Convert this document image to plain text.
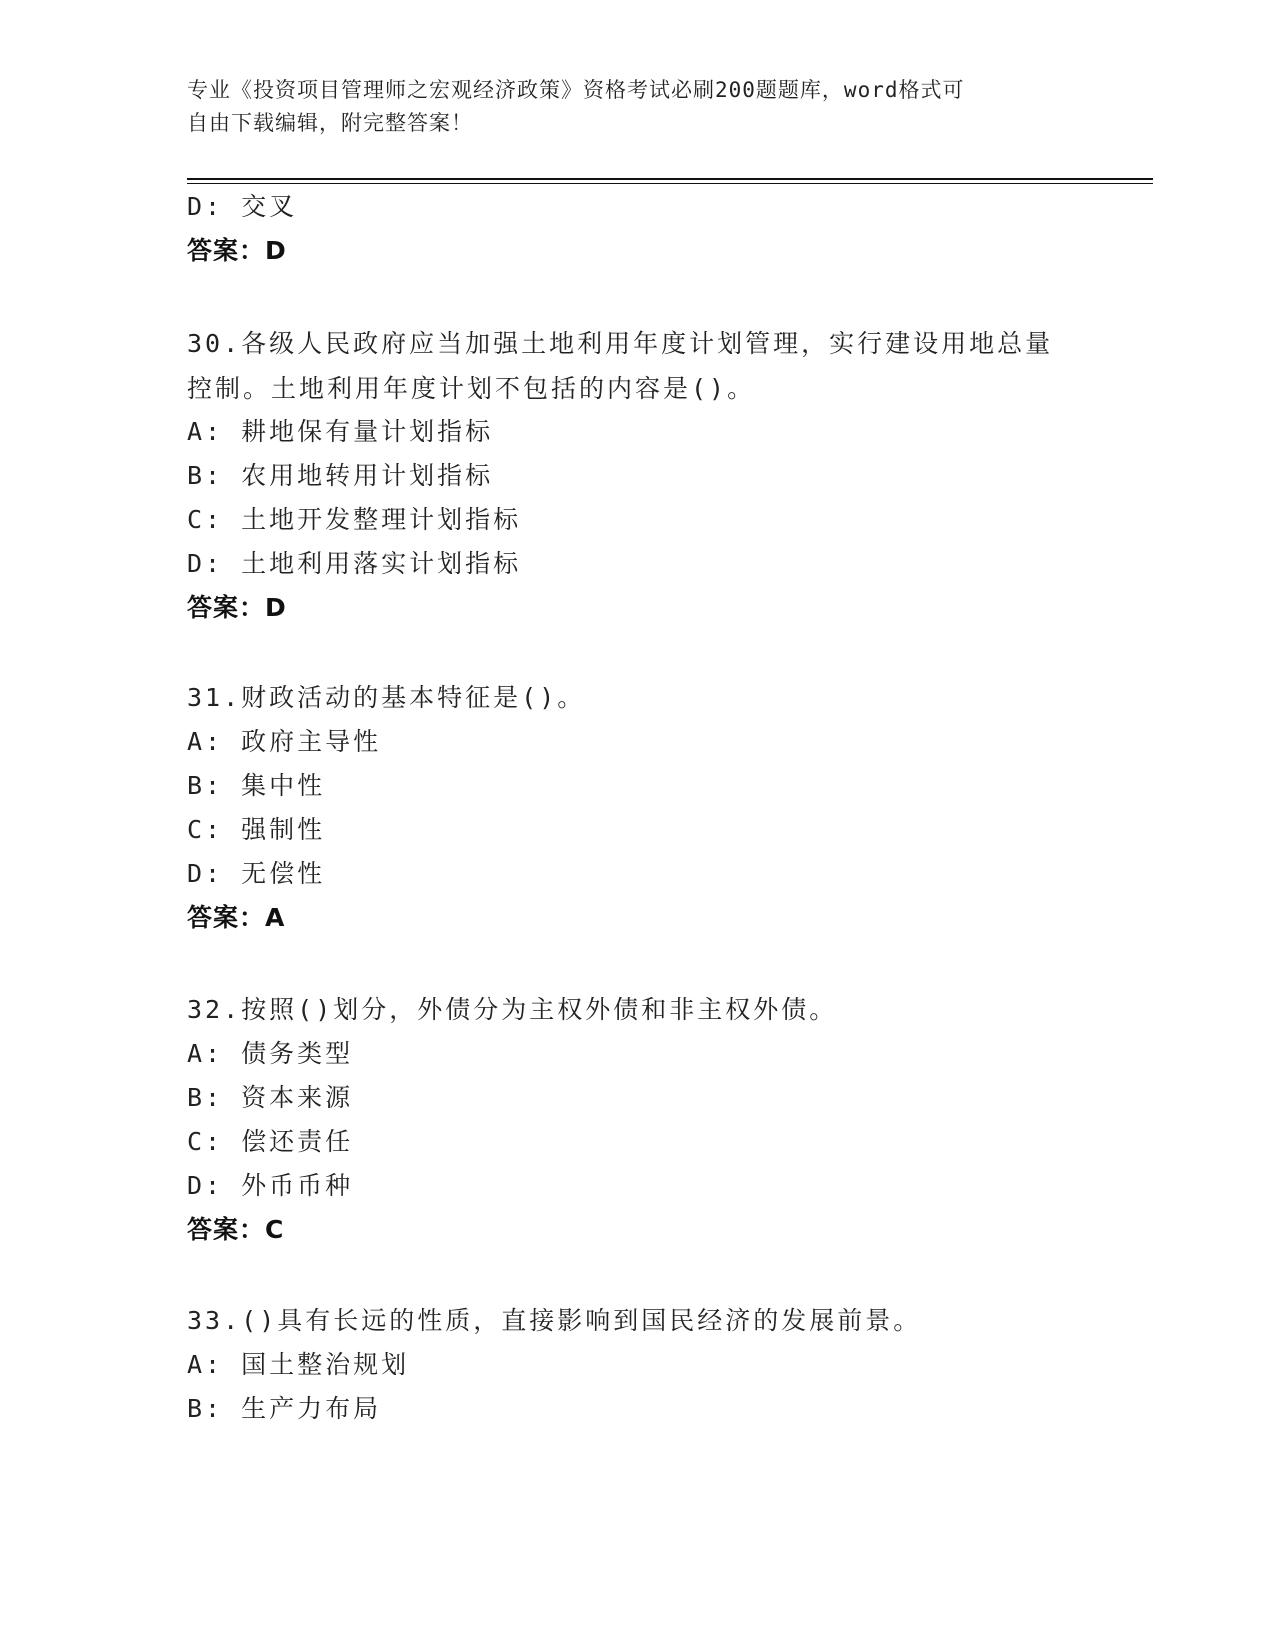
专业《投资项目管理师之宏观经济政策》资格考试必刷200题题库，word格式可
自由下载编辑，附完整答案！
D: 交叉
答案：D
30.各级人民政府应当加强土地利用年度计划管理，实行建设用地总量
控制。土地利用年度计划不包括的内容是()。
A: 耕地保有量计划指标
B: 农用地转用计划指标
C: 土地开发整理计划指标
D: 土地利用落实计划指标
答案：D
31.财政活动的基本特征是()。
A: 政府主导性
B: 集中性
C: 强制性
D: 无偿性
答案：A
32.按照()划分，外债分为主权外债和非主权外债。
A: 债务类型
B: 资本来源
C: 偿还责任
D: 外币币种
答案：C
33.()具有长远的性质，直接影响到国民经济的发展前景。
A: 国土整治规划
B: 生产力布局
